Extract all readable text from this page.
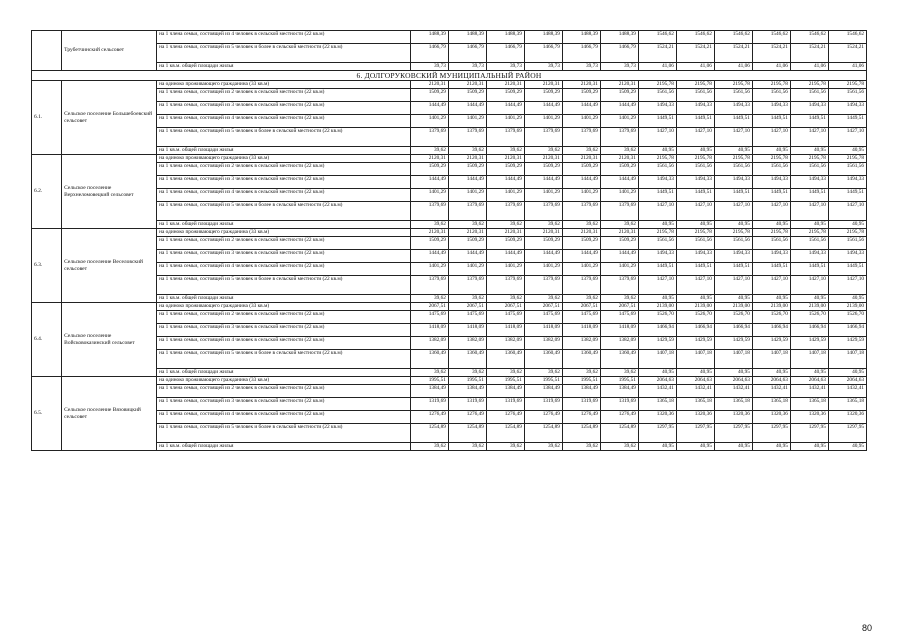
	Трубетчинский сельсовет	на 1 члена семьи, состоящей из 4 человек в сельской местности (22 кв.м)	1488,39	1488,39	1488,39	1488,39	1488,39	1488,39	1546,62	1546,62	1546,62	1546,62	1546,62	1546,62
		на 1 члена семьи, состоящей из 5 человек и более в сельской местности (22 кв.м)	1466,79	1466,79	1466,79	1466,79	1466,79	1466,79	1524,21	1524,21	1524,21	1524,21	1524,21	1524,21
		на 1 кв.м. общей площади жилья	39,73	39,73	39,73	39,73	39,73	39,73	41,06	41,06	41,06	41,06	41,06	41,06
6. ДОЛГОРУКОВСКИЙ МУНИЦИПАЛЬНЫЙ РАЙОН														
6.1.	Сельское поселение Большебоевский сельсовет	на одиноко проживающего гражданина (33 кв.м)	2120,31	2120,31	2120,31	2120,31	2120,31	2120,31	2195,78	2195,78	2195,78	2195,78	2195,78	2195,78
		на 1 члена семьи, состоящей из 2 человек в сельской местности (22 кв.м)	1509,29	1509,29	1509,29	1509,29	1509,29	1509,29	1561,56	1561,56	1561,56	1561,56	1561,56	1561,56
		на 1 члена семьи, состоящей из 3 человек в сельской местности (22 кв.м)	1444,49	1444,49	1444,49	1444,49	1444,49	1444,49	1494,33	1494,33	1494,33	1494,33	1494,33	1494,33
		на 1 члена семьи, состоящей из 4 человек в сельской местности (22 кв.м)	1401,29	1401,29	1401,29	1401,29	1401,29	1401,29	1449,51	1449,51	1449,51	1449,51	1449,51	1449,51
		на 1 члена семьи, состоящей из 5 человек и более в сельской местности (22 кв.м)	1379,69	1379,69	1379,69	1379,69	1379,69	1379,69	1427,10	1427,10	1427,10	1427,10	1427,10	1427,10
		на 1 кв.м. общей площади жилья	39,62	39,62	39,62	39,62	39,62	39,62	40,95	40,95	40,95	40,95	40,95	40,95
6.2.	Сельское поселение Верхнеломовецкий сельсовет	на одиноко проживающего гражданина (33 кв.м)	2120,31	2120,31	2120,31	2120,31	2120,31	2120,31	2195,78	2195,78	2195,78	2195,78	2195,78	2195,78
		на 1 члена семьи, состоящей из 2 человек в сельской местности (22 кв.м)	1509,29	1509,29	1509,29	1509,29	1509,29	1509,29	1561,56	1561,56	1561,56	1561,56	1561,56	1561,56
		на 1 члена семьи, состоящей из 3 человек в сельской местности (22 кв.м)	1444,49	1444,49	1444,49	1444,49	1444,49	1444,49	1494,33	1494,33	1494,33	1494,33	1494,33	1494,33
		на 1 члена семьи, состоящей из 4 человек в сельской местности (22 кв.м)	1401,29	1401,29	1401,29	1401,29	1401,29	1401,29	1449,51	1449,51	1449,51	1449,51	1449,51	1449,51
		на 1 члена семьи, состоящей из 5 человек и более в сельской местности (22 кв.м)	1379,69	1379,69	1379,69	1379,69	1379,69	1379,69	1427,10	1427,10	1427,10	1427,10	1427,10	1427,10
		на 1 кв.м. общей площади жилья	39,62	39,62	39,62	39,62	39,62	39,62	40,95	40,95	40,95	40,95	40,95	40,95
6.3.	Сельское поселение Веселовский сельсовет	на одиноко проживающего гражданина (33 кв.м)	2120,31	2120,31	2120,31	2120,31	2120,31	2120,31	2195,78	2195,78	2195,78	2195,78	2195,78	2195,78
		на 1 члена семьи, состоящей из 2 человек в сельской местности (22 кв.м)	1509,29	1509,29	1509,29	1509,29	1509,29	1509,29	1561,56	1561,56	1561,56	1561,56	1561,56	1561,56
		на 1 члена семьи, состоящей из 3 человек в сельской местности (22 кв.м)	1444,49	1444,49	1444,49	1444,49	1444,49	1444,49	1494,33	1494,33	1494,33	1494,33	1494,33	1494,33
		на 1 члена семьи, состоящей из 4 человек в сельской местности (22 кв.м)	1401,29	1401,29	1401,29	1401,29	1401,29	1401,29	1449,51	1449,51	1449,51	1449,51	1449,51	1449,51
		на 1 члена семьи, состоящей из 5 человек и более в сельской местности (22 кв.м)	1379,69	1379,69	1379,69	1379,69	1379,69	1379,69	1427,10	1427,10	1427,10	1427,10	1427,10	1427,10
		на 1 кв.м. общей площади жилья	39,62	39,62	39,62	39,62	39,62	39,62	40,95	40,95	40,95	40,95	40,95	40,95
6.4.	Сельское поселение Войсковоказинский сельсовет	на одиноко проживающего гражданина (33 кв.м)	2067,51	2067,51	2067,51	2067,51	2067,51	2067,51	2139,00	2139,00	2139,00	2139,00	2139,00	2139,00
		на 1 члена семьи, состоящей из 2 человек в сельской местности (22 кв.м)	1475,69	1475,69	1475,69	1475,69	1475,69	1475,69	1526,70	1526,70	1526,70	1526,70	1526,70	1526,70
		на 1 члена семьи, состоящей из 3 человек в сельской местности (22 кв.м)	1418,09	1418,09	1418,09	1418,09	1418,09	1418,09	1466,94	1466,94	1466,94	1466,94	1466,94	1466,94
		на 1 члена семьи, состоящей из 4 человек в сельской местности (22 кв.м)	1382,09	1382,09	1382,09	1382,09	1382,09	1382,09	1429,59	1429,59	1429,59	1429,59	1429,59	1429,59
		на 1 члена семьи, состоящей из 5 человек и более в сельской местности (22 кв.м)	1360,49	1360,49	1360,49	1360,49	1360,49	1360,49	1407,18	1407,18	1407,18	1407,18	1407,18	1407,18
		на 1 кв.м. общей площади жилья	39,62	39,62	39,62	39,62	39,62	39,62	40,95	40,95	40,95	40,95	40,95	40,95
6.5.	Сельское поселение Вязовицкий сельсовет	на одиноко проживающего гражданина (33 кв.м)	1995,51	1995,51	1995,51	1995,51	1995,51	1995,51	2064,63	2064,63	2064,63	2064,63	2064,63	2064,63
		на 1 члена семьи, состоящей из 2 человек в сельской местности (22 кв.м)	1384,49	1384,49	1384,49	1384,49	1384,49	1384,49	1432,41	1432,41	1432,41	1432,41	1432,41	1432,41
		на 1 члена семьи, состоящей из 3 человек в сельской местности (22 кв.м)	1319,69	1319,69	1319,69	1319,69	1319,69	1319,69	1365,18	1365,18	1365,18	1365,18	1365,18	1365,18
		на 1 члена семьи, состоящей из 4 человек в сельской местности (22 кв.м)	1276,49	1276,49	1276,49	1276,49	1276,49	1276,49	1320,36	1320,36	1320,36	1320,36	1320,36	1320,36
		на 1 члена семьи, состоящей из 5 человек и более в сельской местности (22 кв.м)	1254,89	1254,89	1254,89	1254,89	1254,89	1254,89	1297,95	1297,95	1297,95	1297,95	1297,95	1297,95
		на 1 кв.м. общей площади жилья	39,62	39,62	39,62	39,62	39,62	39,62	40,95	40,95	40,95	40,95	40,95	40,95
80
